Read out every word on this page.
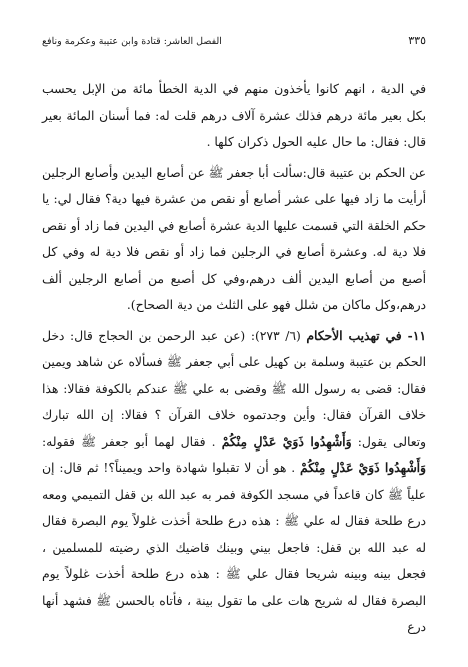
٣٣٥
الفصل العاشر: قتادة وابن عتيبة وعكرمة ونافع

في الدية ، انهم كانوا يأخذون منهم في الدية الخطأ مائة من الإبل يحسب بكل بعير مائة درهم فذلك عشرة آلاف درهم قلت له: فما أسنان المائة بعير قال: فقال: ما حال عليه الحول ذكران كلها .

عن الحكم بن عتيبة قال:سألت أبا جعفر ﷺ عن أصابع اليدين وأصابع الرجلين أرأيت ما زاد فيها على عشر أصابع أو نقص من عشرة فيها دية؟ فقال لي: يا حكم الخلقة التي قسمت عليها الدية عشرة أصابع في اليدين فما زاد أو نقص فلا دية له. وعشرة أصابع في الرجلين فما زاد أو نقص فلا دية له وفي كل أصبع من أصابع اليدين ألف درهم،وفي كل أصبع من أصابع الرجلين ألف درهم،وكل ماكان من شلل فهو على الثلث من دية الصحاح).

١١- في تهذيب الأحكام (٦/ ٢٧٣): (عن عبد الرحمن بن الحجاج قال: دخل الحكم بن عتيبة وسلمة بن كهيل على أبي جعفر ﷺ فسألاه عن شاهد ويمين فقال: قضى به رسول الله ﷺ وقضى به علي ﷺ عندكم بالكوفة فقالا: هذا خلاف القرآن فقال: وأين وجدتموه خلاف القرآن ؟ فقالا: إن الله تبارك وتعالى يقول: وَأَشْهِدُوا ذَوَيْ عَدْلٍ مِنْكُمْ . فقال لهما أبو جعفر ﷺ فقوله: وَأَشْهِدُوا ذَوَيْ عَدْلٍ مِنْكُمْ . هو أن لا تقبلوا شهادة واحد ويميناً؟! ثم قال: إن علياً ﷺ كان قاعداً في مسجد الكوفة فمر به عبد الله بن قفل التميمي ومعه درع طلحة فقال له علي ﷺ : هذه درع طلحة أخذت غلولاً يوم البصرة فقال له عبد الله بن قفل: فاجعل بيني وبينك قاضيك الذي رضيته للمسلمين ، فجعل بينه وبينه شريحا فقال علي ﷺ : هذه درع طلحة أخذت غلولاً يوم البصرة فقال له شريح هات على ما تقول بينة ، فأتاه بالحسن ﷺ فشهد أنها درع
